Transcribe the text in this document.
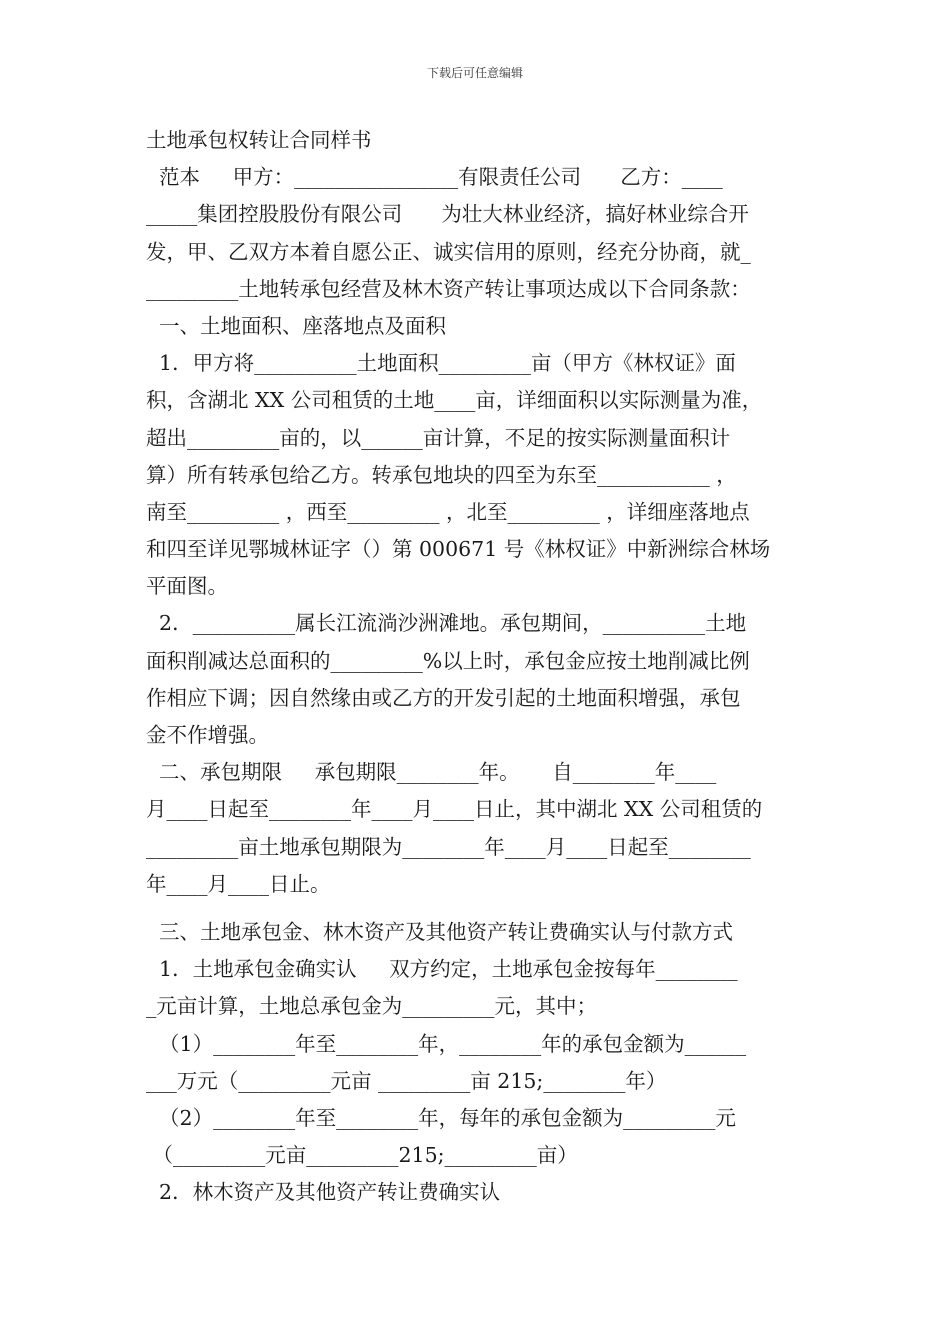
下载后可任意编辑
土地承包权转让合同样书
范本     甲方：________________有限责任公司      乙方：____
_____集团控股股份有限公司      为壮大林业经济，搞好林业综合开
发，甲、乙双方本着自愿公正、诚实信用的原则，经充分协商，就_
_________土地转承包经营及林木资产转让事项达成以下合同条款：
一、土地面积、座落地点及面积
1．甲方将__________土地面积_________亩（甲方《林权证》面
积，含湖北 XX 公司租赁的土地____亩，详细面积以实际测量为准，
超出_________亩的，以______亩计算，不足的按实际测量面积计
算）所有转承包给乙方。转承包地块的四至为东至___________ ，
南至_________ ，西至_________ ，北至_________ ，详细座落地点
和四至详见鄂城林证字（）第 000671 号《林权证》中新洲综合林场
平面图。
2．__________属长江流淌沙洲滩地。承包期间，__________土地
面积削减达总面积的_________%以上时，承包金应按土地削减比例
作相应下调；因自然缘由或乙方的开发引起的土地面积增强，承包
金不作增强。
二、承包期限     承包期限________年。     自________年____
月____日起至________年____月____日止，其中湖北 XX 公司租赁的
_________亩土地承包期限为________年____月____日起至________
年____月____日止。
三、土地承包金、林木资产及其他资产转让费确实认与付款方式
1．土地承包金确实认     双方约定，土地承包金按每年________
_元亩计算，土地总承包金为_________元，其中；
（1）________年至________年，________年的承包金额为______
___万元（_________元亩 _________亩 215;________年）
（2）________年至________年，每年的承包金额为_________元
（_________元亩_________215;_________亩）
2．林木资产及其他资产转让费确实认
